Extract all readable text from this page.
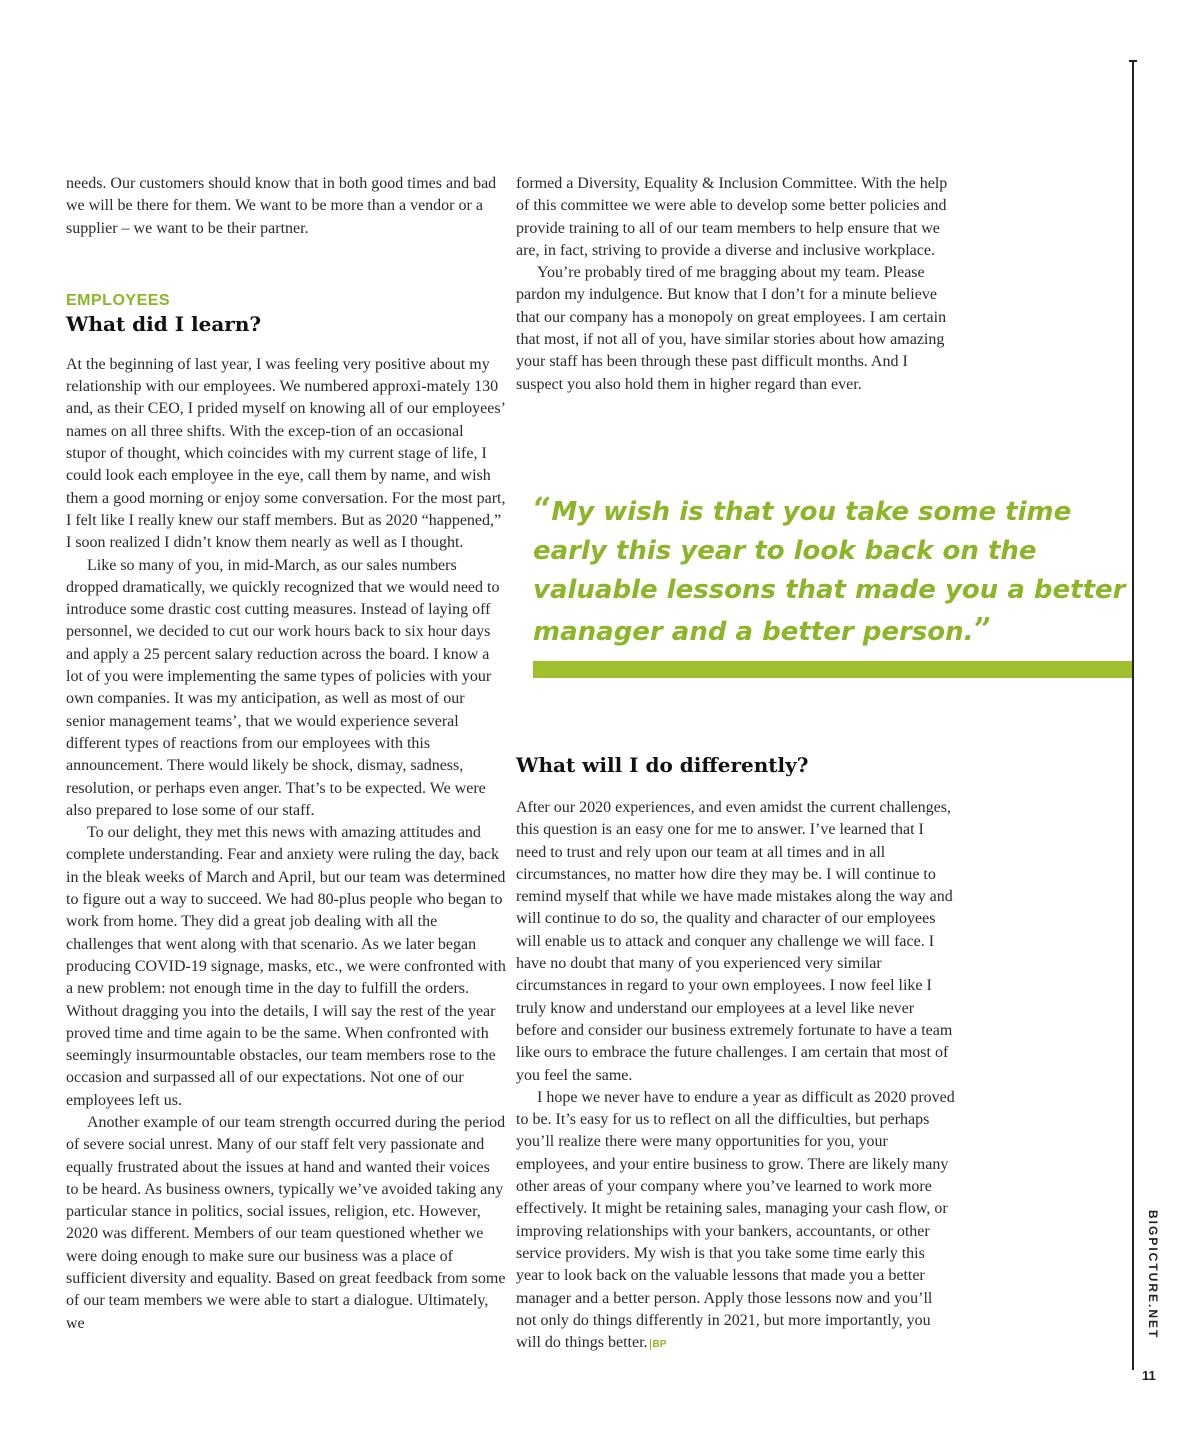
needs. Our customers should know that in both good times and bad we will be there for them. We want to be more than a vendor or a supplier – we want to be their partner.

EMPLOYEES

What did I learn?

At the beginning of last year, I was feeling very positive about my relationship with our employees. We numbered approxi-mately 130 and, as their CEO, I prided myself on knowing all of our employees’ names on all three shifts. With the excep-tion of an occasional stupor of thought, which coincides with my current stage of life, I could look each employee in the eye, call them by name, and wish them a good morning or enjoy some conversation. For the most part, I felt like I really knew our staff members. But as 2020 “happened,” I soon realized I didn’t know them nearly as well as I thought.

Like so many of you, in mid-March, as our sales numbers dropped dramatically, we quickly recognized that we would need to introduce some drastic cost cutting measures. Instead of laying off personnel, we decided to cut our work hours back to six hour days and apply a 25 percent salary reduction across the board. I know a lot of you were implementing the same types of policies with your own companies. It was my anticipation, as well as most of our senior management teams’, that we would experience several different types of reactions from our employees with this announcement. There would likely be shock, dismay, sadness, resolution, or perhaps even anger. That’s to be expected. We were also prepared to lose some of our staff.

To our delight, they met this news with amazing attitudes and complete understanding. Fear and anxiety were ruling the day, back in the bleak weeks of March and April, but our team was determined to figure out a way to succeed. We had 80-plus people who began to work from home. They did a great job dealing with all the challenges that went along with that scenario. As we later began producing COVID-19 signage, masks, etc., we were confronted with a new problem: not enough time in the day to fulfill the orders. Without dragging you into the details, I will say the rest of the year proved time and time again to be the same. When confronted with seemingly insurmountable obstacles, our team members rose to the occasion and surpassed all of our expectations. Not one of our employees left us.

Another example of our team strength occurred during the period of severe social unrest. Many of our staff felt very passionate and equally frustrated about the issues at hand and wanted their voices to be heard. As business owners, typically we’ve avoided taking any particular stance in politics, social issues, religion, etc. However, 2020 was different. Members of our team questioned whether we were doing enough to make sure our business was a place of sufficient diversity and equality. Based on great feedback from some of our team members we were able to start a dialogue. Ultimately, we

formed a Diversity, Equality & Inclusion Committee. With the help of this committee we were able to develop some better policies and provide training to all of our team members to help ensure that we are, in fact, striving to provide a diverse and inclusive workplace.

You’re probably tired of me bragging about my team. Please pardon my indulgence. But know that I don’t for a minute believe that our company has a monopoly on great employees. I am certain that most, if not all of you, have similar stories about how amazing your staff has been through these past difficult months. And I suspect you also hold them in higher regard than ever.

“My wish is that you take some time early this year to look back on the valuable lessons that made you a better manager and a better person.”

What will I do differently?

After our 2020 experiences, and even amidst the current challenges, this question is an easy one for me to answer. I’ve learned that I need to trust and rely upon our team at all times and in all circumstances, no matter how dire they may be. I will continue to remind myself that while we have made mistakes along the way and will continue to do so, the quality and character of our employees will enable us to attack and conquer any challenge we will face. I have no doubt that many of you experienced very similar circumstances in regard to your own employees. I now feel like I truly know and understand our employees at a level like never before and consider our business extremely fortunate to have a team like ours to embrace the future challenges. I am certain that most of you feel the same.

I hope we never have to endure a year as difficult as 2020 proved to be. It’s easy for us to reflect on all the difficulties, but perhaps you’ll realize there were many opportunities for you, your employees, and your entire business to grow. There are likely many other areas of your company where you’ve learned to work more effectively. It might be retaining sales, managing your cash flow, or improving relationships with your bankers, accountants, or other service providers. My wish is that you take some time early this year to look back on the valuable lessons that made you a better manager and a better person. Apply those lessons now and you’ll not only do things differently in 2021, but more importantly, you will do things better. BP

BIGPICTURE.NET
11
